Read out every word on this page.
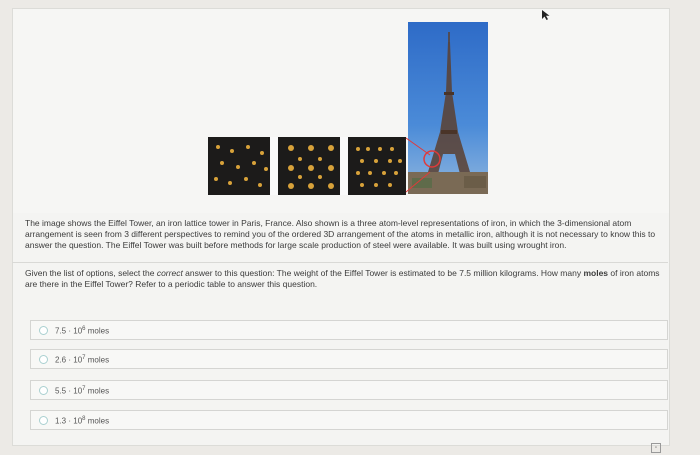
The image shows the Eiffel Tower, an iron lattice tower in Paris, France. Also shown is a three atom-level representations of iron, in which the 3-dimensional atom arrangement is seen from 3 different perspectives to remind you of the ordered 3D arrangement of the atoms in metallic iron, although it is not necessary to know this to answer the question. The Eiffel Tower was built before methods for large scale production of steel were available. It was built using wrought iron.
Given the list of options, select the correct answer to this question: The weight of the Eiffel Tower is estimated to be 7.5 million kilograms. How many moles of iron atoms are there in the Eiffel Tower? Refer to a periodic table to answer this question.
$7.5 \cdot 10^6$ moles
$2.6 \cdot 10^7$ moles
$5.5 \cdot 10^7$ moles
$1.3 \cdot 10^8$ moles
▫
